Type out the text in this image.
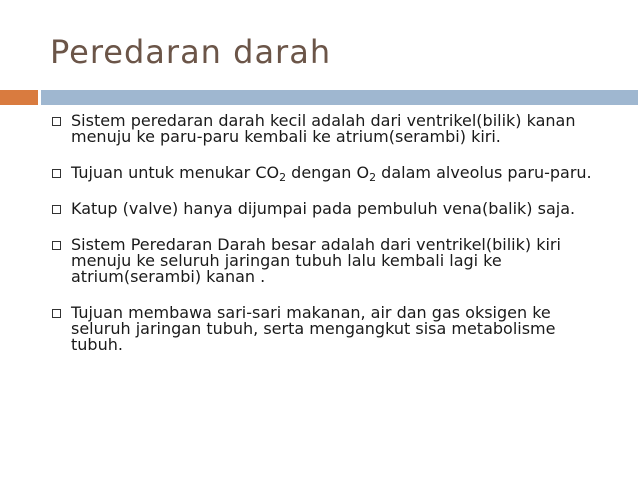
Peredaran darah
Sistem peredaran darah kecil adalah dari ventrikel(bilik) kanan menuju ke paru-paru kembali ke atrium(serambi) kiri.
Tujuan untuk menukar $CO_2$ dengan $O_2$ dalam alveolus paru-paru.
Katup (valve) hanya dijumpai pada pembuluh vena(balik) saja.
Sistem Peredaran Darah besar adalah dari ventrikel(bilik) kiri menuju ke seluruh jaringan tubuh lalu kembali lagi ke atrium(serambi) kanan .
Tujuan membawa sari-sari makanan, air dan gas oksigen ke seluruh jaringan tubuh, serta mengangkut sisa metabolisme tubuh.
